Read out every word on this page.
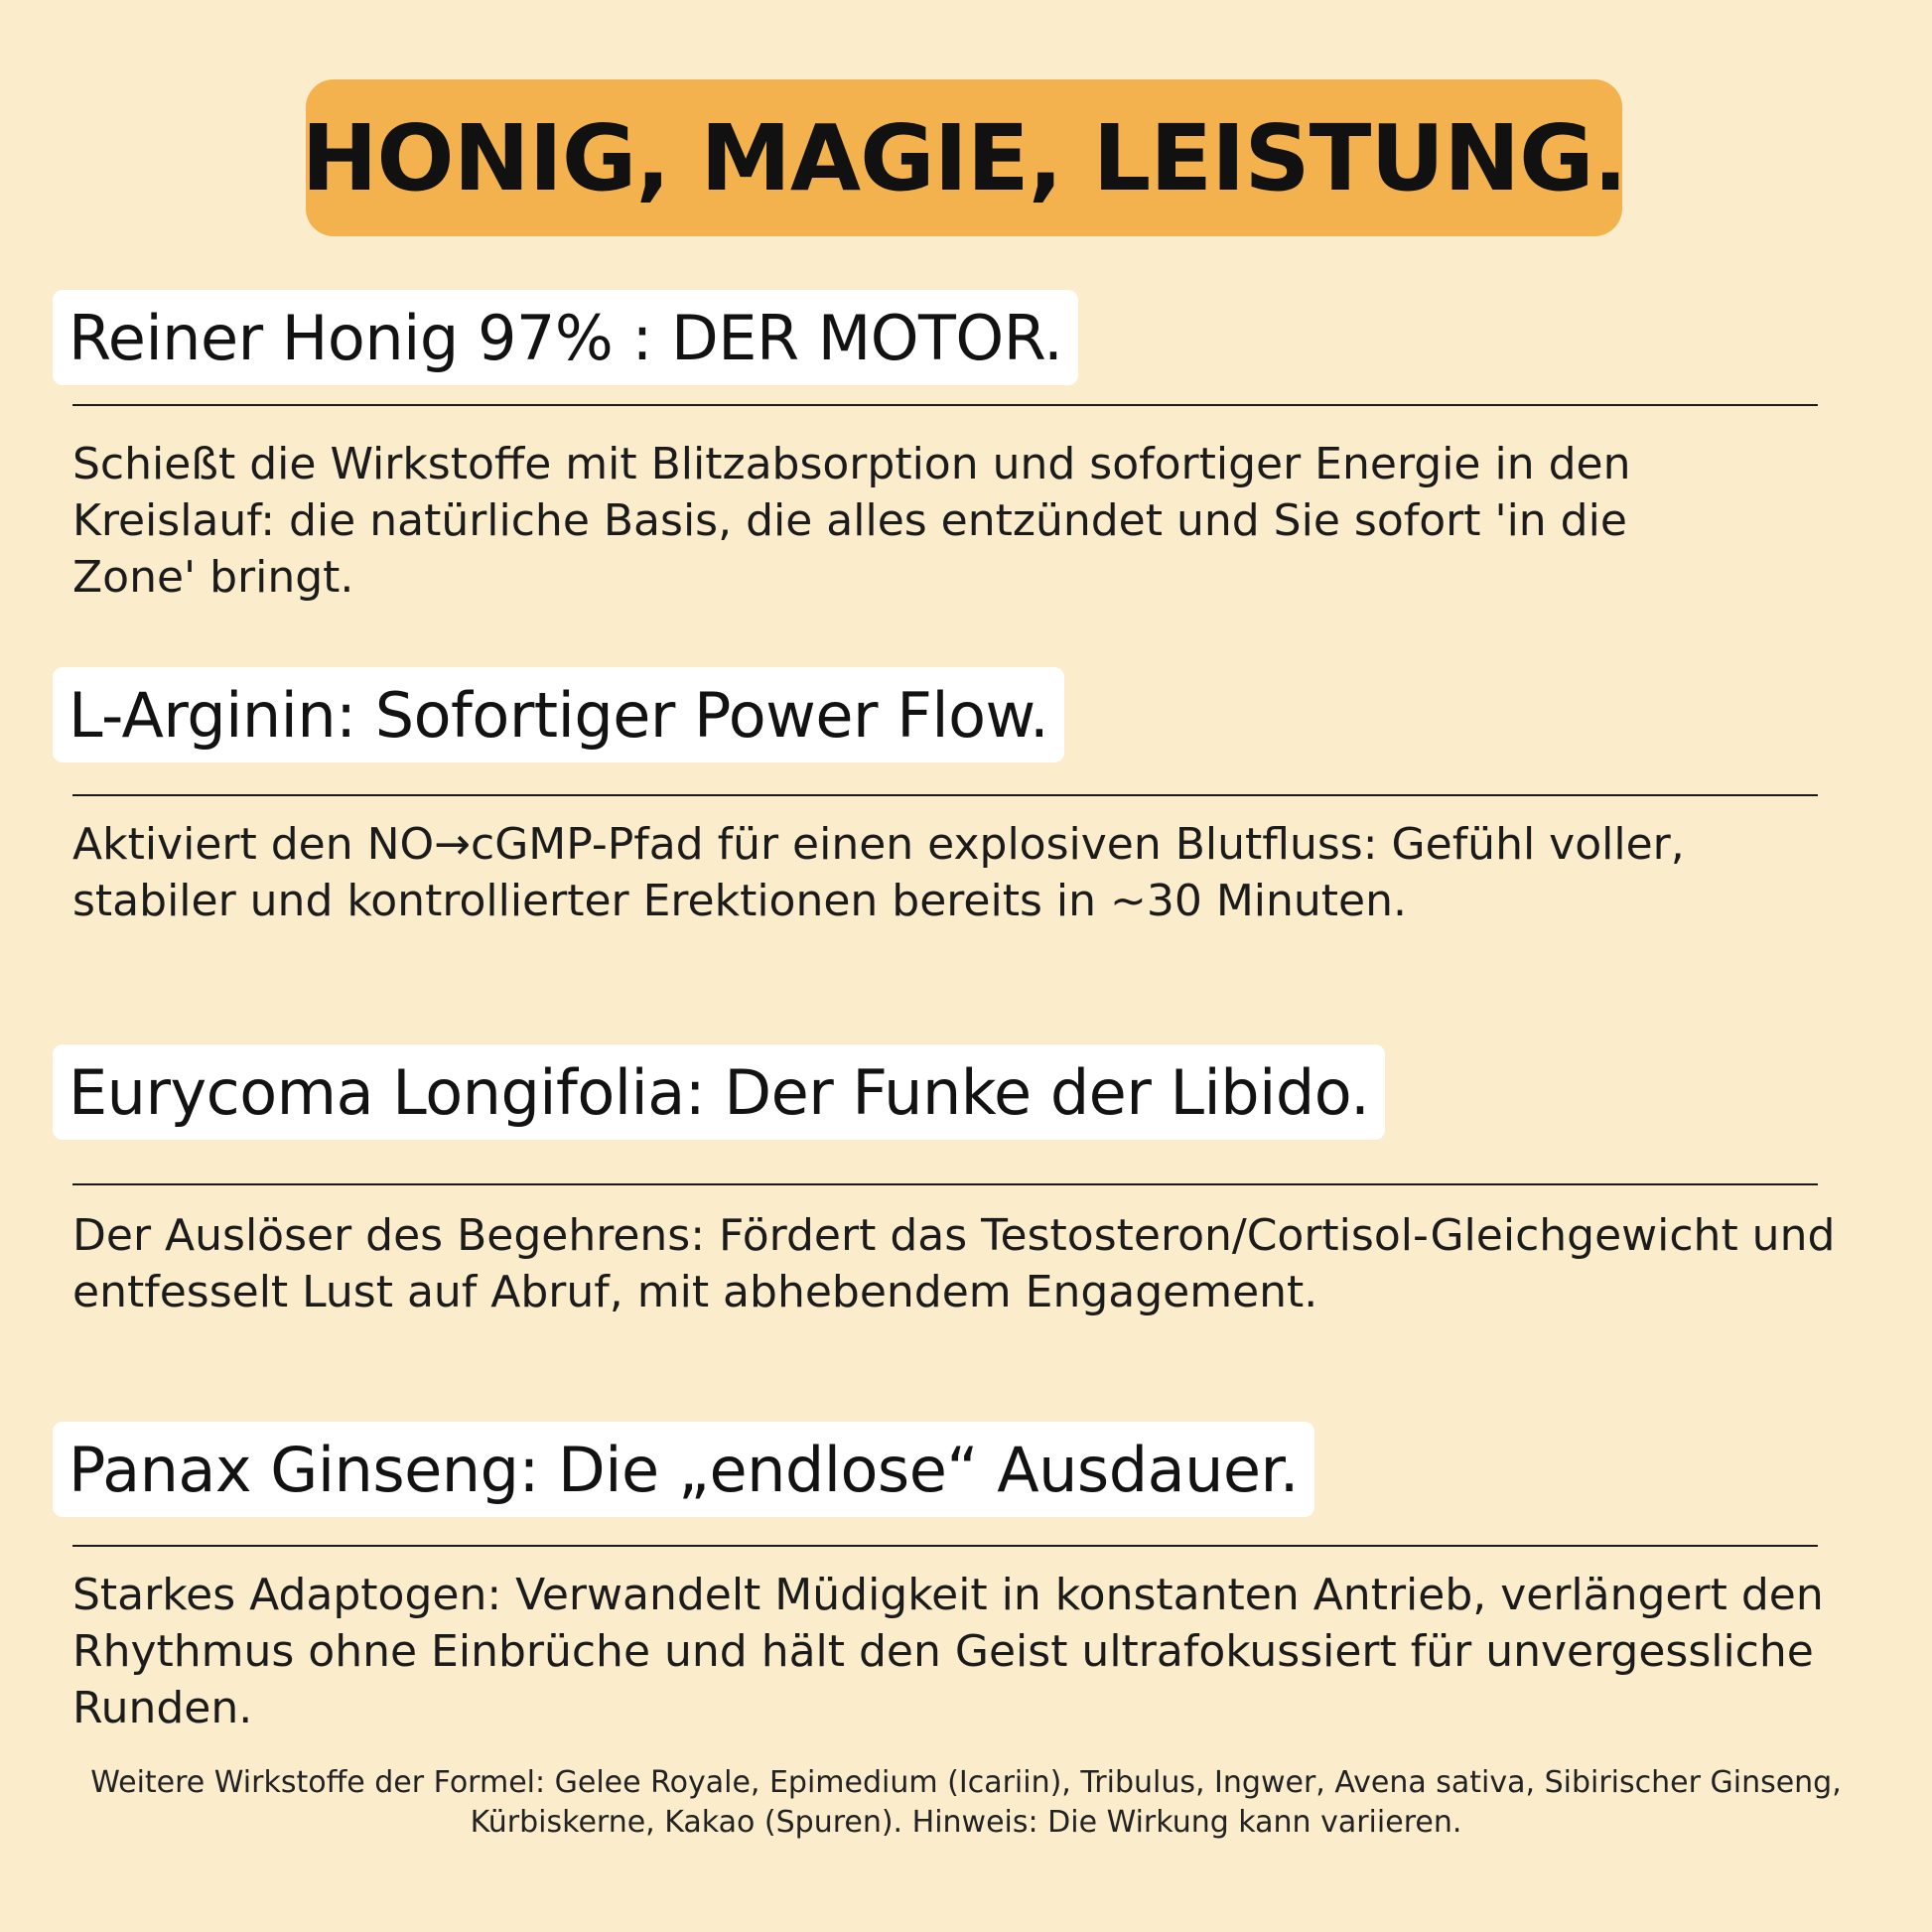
HONIG, MAGIE, LEISTUNG.
Reiner Honig 97% : DER MOTOR.

Schießt die Wirkstoffe mit Blitzabsorption und sofortiger Energie in den Kreislauf: die natürliche Basis, die alles entzündet und Sie sofort 'in die Zone' bringt.

L-Arginin: Sofortiger Power Flow.

Aktiviert den NO→cGMP-Pfad für einen explosiven Blutfluss: Gefühl voller, stabiler und kontrollierter Erektionen bereits in ~30 Minuten.

Eurycoma Longifolia: Der Funke der Libido.

Der Auslöser des Begehrens: Fördert das Testosteron/Cortisol-Gleichgewicht und entfesselt Lust auf Abruf, mit abhebendem Engagement.

Panax Ginseng: Die „endlose“ Ausdauer.

Starkes Adaptogen: Verwandelt Müdigkeit in konstanten Antrieb, verlängert den Rhythmus ohne Einbrüche und hält den Geist ultrafokussiert für unvergessliche Runden.

Weitere Wirkstoffe der Formel: Gelee Royale, Epimedium (Icariin), Tribulus, Ingwer, Avena sativa, Sibirischer Ginseng, Kürbiskerne, Kakao (Spuren). Hinweis: Die Wirkung kann variieren.
